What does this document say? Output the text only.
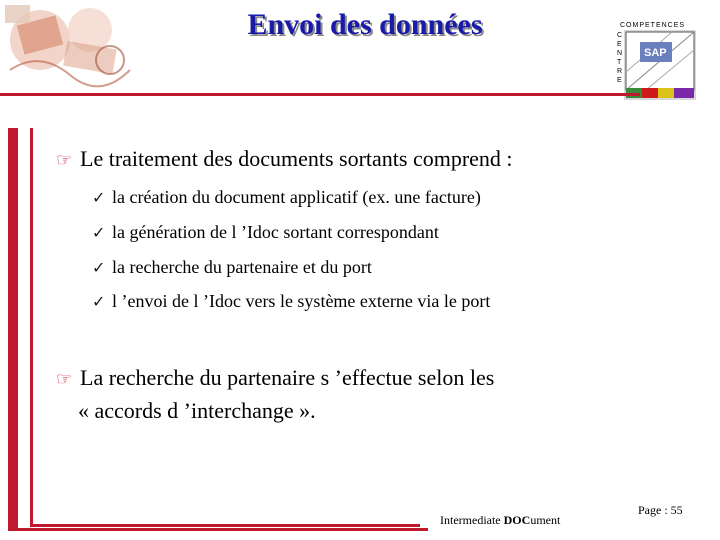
COMPETENCES
C
E
N
T
R
E
SAP
Envoi des données
☞ Le traitement des documents sortants comprend :
✓ la création du document applicatif (ex. une facture)
✓ la génération de l ’Idoc sortant correspondant
✓ la recherche du partenaire et du port
✓ l ’envoi de l ’Idoc vers le système externe via le port
☞ La recherche du partenaire s ’effectue selon les
« accords d ’interchange ».
Intermediate DOCument
Page : 55
